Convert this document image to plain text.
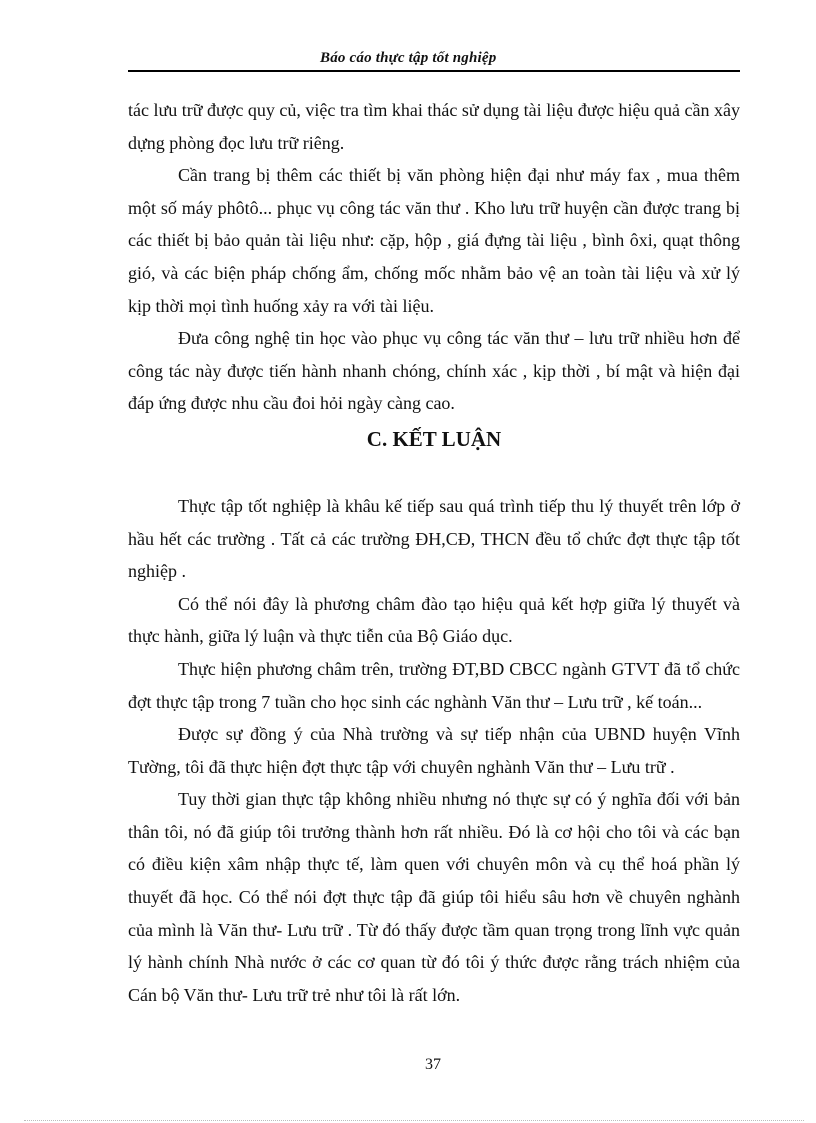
Báo cáo thực tập tốt nghiệp

tác lưu trữ được quy củ, việc tra tìm khai thác sử dụng tài liệu được hiệu quả cần xây dựng phòng đọc lưu trữ riêng.

Cần trang bị thêm các thiết bị văn phòng hiện đại như máy fax , mua thêm một số máy phôtô... phục vụ công tác văn thư . Kho lưu trữ huyện cần được trang bị các thiết bị bảo quản tài liệu như: cặp, hộp , giá đựng tài liệu , bình ôxi, quạt thông gió, và các biện pháp chống ẩm, chống mốc nhằm bảo vệ an toàn tài liệu và xử lý kịp thời mọi tình huống xảy ra với tài liệu.

Đưa công nghệ tin học vào phục vụ công tác văn thư – lưu trữ nhiều hơn để công tác này được tiến hành nhanh chóng, chính xác , kịp thời , bí mật và hiện đại đáp ứng được nhu cầu đoi hỏi ngày càng cao.

C. KẾT LUẬN

Thực tập tốt nghiệp là khâu kế tiếp sau quá trình tiếp thu lý thuyết trên lớp ở hầu hết các trường . Tất cả các trường ĐH,CĐ, THCN đều tổ chức đợt thực tập tốt nghiệp .

Có thể nói đây là phương châm đào tạo hiệu quả kết hợp giữa lý thuyết và thực hành, giữa lý luận và thực tiễn của Bộ Giáo dục.

Thực hiện phương châm trên, trường ĐT,BD CBCC ngành GTVT đã tổ chức đợt thực tập trong 7 tuần cho học sinh các nghành Văn thư – Lưu trữ , kế toán...

Được sự đồng ý của Nhà trường và sự tiếp nhận của UBND huyện Vĩnh Tường, tôi đã thực hiện đợt thực tập với chuyên nghành Văn thư – Lưu trữ .

Tuy thời gian thực tập không nhiều nhưng nó thực sự có ý nghĩa đối với bản thân tôi, nó đã giúp tôi trưởng thành hơn rất nhiều. Đó là cơ hội cho tôi và các bạn có điều kiện xâm nhập thực tế, làm quen với chuyên môn và cụ thể hoá phần lý thuyết đã học. Có thể nói đợt thực tập đã giúp tôi hiểu sâu hơn về chuyên nghành của mình là Văn thư- Lưu trữ . Từ đó thấy được tầm quan trọng trong lĩnh vực quản lý hành chính Nhà nước ở các cơ quan từ đó tôi ý thức được rằng trách nhiệm của Cán bộ Văn thư- Lưu trữ trẻ như tôi là rất lớn.

37
